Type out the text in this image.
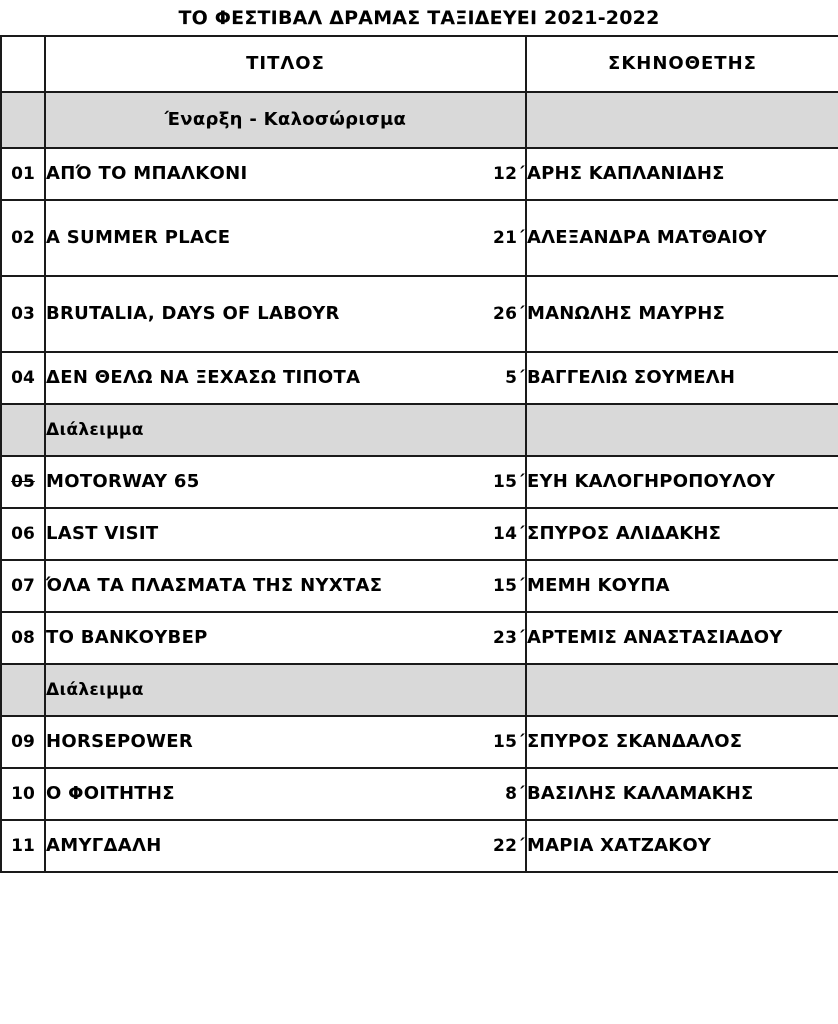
ΤΟ ΦΕΣΤΙΒΑΛ ΔΡΑΜΑΣ ΤΑΞΙΔΕΥΕΙ 2021-2022
	ΤΙΤΛΟΣ	ΣΚΗΝΟΘΕΤΗΣ

	Έναρξη - Καλοσώρισμα	

01	ΑΠΌ ΤΟ ΜΠΑΛΚΟΝΙ 12΄	ΑΡΗΣ ΚΑΠΛΑΝΙΔΗΣ
02	A SUMMER PLACE 21΄	ΑΛΕΞΑΝΔΡΑ ΜΑΤΘΑΙΟΥ
03	BRUTALIA, DAYS OF LABOYR 26΄	ΜΑΝΩΛΗΣ ΜΑΥΡΗΣ
04	ΔΕΝ ΘΕΛΩ ΝΑ ΞΕΧΑΣΩ ΤΙΠΟΤΑ 5΄	ΒΑΓΓΕΛΙΩ ΣΟΥΜΕΛΗ

	Διάλειμμα	

05	MOTORWAY 65 15΄	ΕΥΗ ΚΑΛΟΓΗΡΟΠΟΥΛΟΥ
06	LAST VISIT 14΄	ΣΠΥΡΟΣ ΑΛΙΔΑΚΗΣ
07	ΌΛΑ ΤΑ ΠΛΑΣΜΑΤΑ ΤΗΣ ΝΥΧΤΑΣ 15΄	ΜΕΜΗ ΚΟΥΠΑ
08	ΤΟ ΒΑΝΚΟΥΒΕΡ 23΄	ΑΡΤΕΜΙΣ ΑΝΑΣΤΑΣΙΑΔΟΥ

	Διάλειμμα	

09	HORSEPOWER 15΄	ΣΠΥΡΟΣ ΣΚΑΝΔΑΛΟΣ
10	Ο ΦΟΙΤΗΤΗΣ 8΄	ΒΑΣΙΛΗΣ ΚΑΛΑΜΑΚΗΣ
11	ΑΜΥΓΔΑΛΗ 22΄	ΜΑΡΙΑ ΧΑΤΖΑΚΟΥ
